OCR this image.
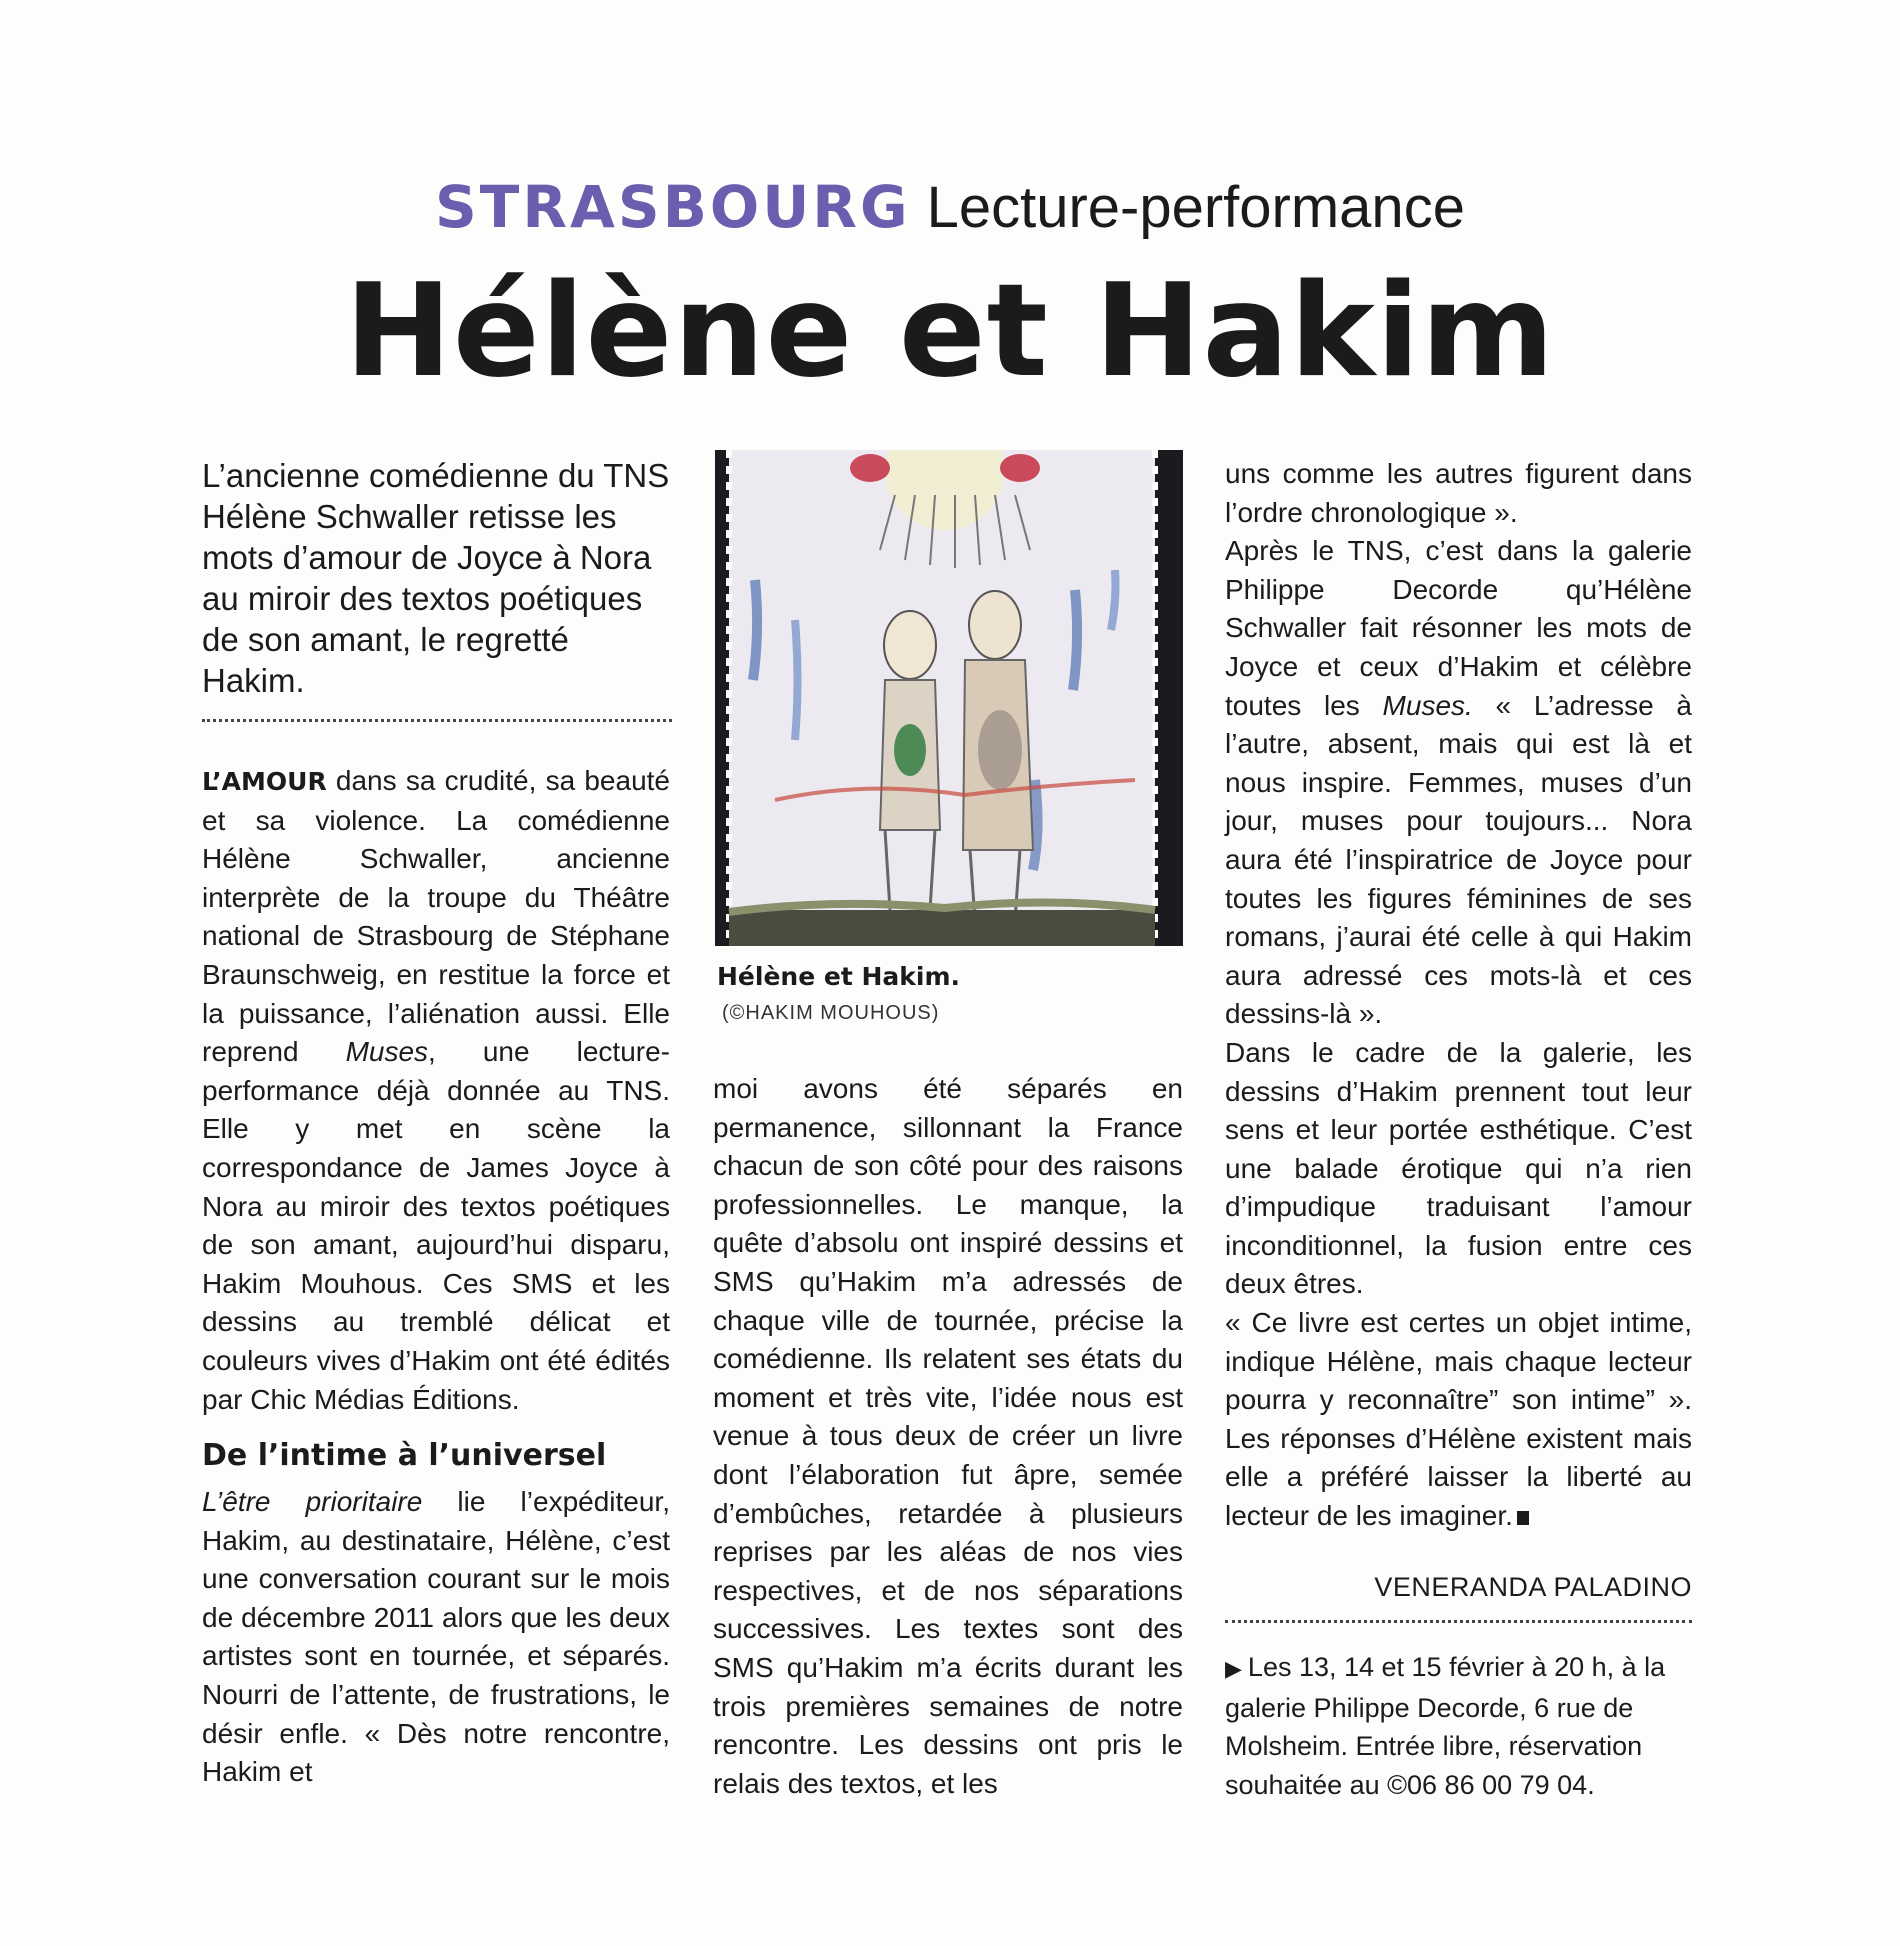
STRASBOURG Lecture-performance
Hélène et Hakim
L’ancienne comédienne du TNS Hélène Schwaller retisse les mots d’amour de Joyce à Nora au miroir des textos poétiques de son amant, le regretté Hakim.

L’AMOUR dans sa crudité, sa beauté et sa violence. La comédienne Hélène Schwaller, ancienne interprète de la troupe du Théâtre national de Strasbourg de Stéphane Braunschweig, en restitue la force et la puissance, l’aliénation aussi. Elle reprend Muses, une lecture-performance déjà donnée au TNS. Elle y met en scène la correspondance de James Joyce à Nora au miroir des textos poétiques de son amant, aujourd’hui disparu, Hakim Mouhous. Ces SMS et les dessins au tremblé délicat et couleurs vives d’Hakim ont été édités par Chic Médias Éditions.

De l’intime à l’universel

L’être prioritaire lie l’expéditeur, Hakim, au destinataire, Hélène, c’est une conversation courant sur le mois de décembre 2011 alors que les deux artistes sont en tournée, et séparés. Nourri de l’attente, de frustrations, le désir enfle. « Dès notre rencontre, Hakim et

Hélène et Hakim.
(©HAKIM MOUHOUS)

moi avons été séparés en permanence, sillonnant la France chacun de son côté pour des raisons professionnelles. Le manque, la quête d’absolu ont inspiré dessins et SMS qu’Hakim m’a adressés de chaque ville de tournée, précise la comédienne. Ils relatent ses états du moment et très vite, l’idée nous est venue à tous deux de créer un livre dont l’élaboration fut âpre, semée d’embûches, retardée à plusieurs reprises par les aléas de nos vies respectives, et de nos séparations successives. Les textes sont des SMS qu’Hakim m’a écrits durant les trois premières semaines de notre rencontre. Les dessins ont pris le relais des textos, et les

uns comme les autres figurent dans l’ordre chronologique ».

Après le TNS, c’est dans la galerie Philippe Decorde qu’Hélène Schwaller fait résonner les mots de Joyce et ceux d’Hakim et célèbre toutes les Muses. « L’adresse à l’autre, absent, mais qui est là et nous inspire. Femmes, muses d’un jour, muses pour toujours... Nora aura été l’inspiratrice de Joyce pour toutes les figures féminines de ses romans, j’aurai été celle à qui Hakim aura adressé ces mots-là et ces dessins-là ».

Dans le cadre de la galerie, les dessins d’Hakim prennent tout leur sens et leur portée esthétique. C’est une balade érotique qui n’a rien d’impudique traduisant l’amour inconditionnel, la fusion entre ces deux êtres.

« Ce livre est certes un objet intime, indique Hélène, mais chaque lecteur pourra y reconnaître” son intime” ». Les réponses d’Hélène existent mais elle a préféré laisser la liberté au lecteur de les imaginer.

VENERANDA PALADINO
▶ Les 13, 14 et 15 février à 20 h, à la galerie Philippe Decorde, 6 rue de Molsheim. Entrée libre, réservation souhaitée au ©06 86 00 79 04.
